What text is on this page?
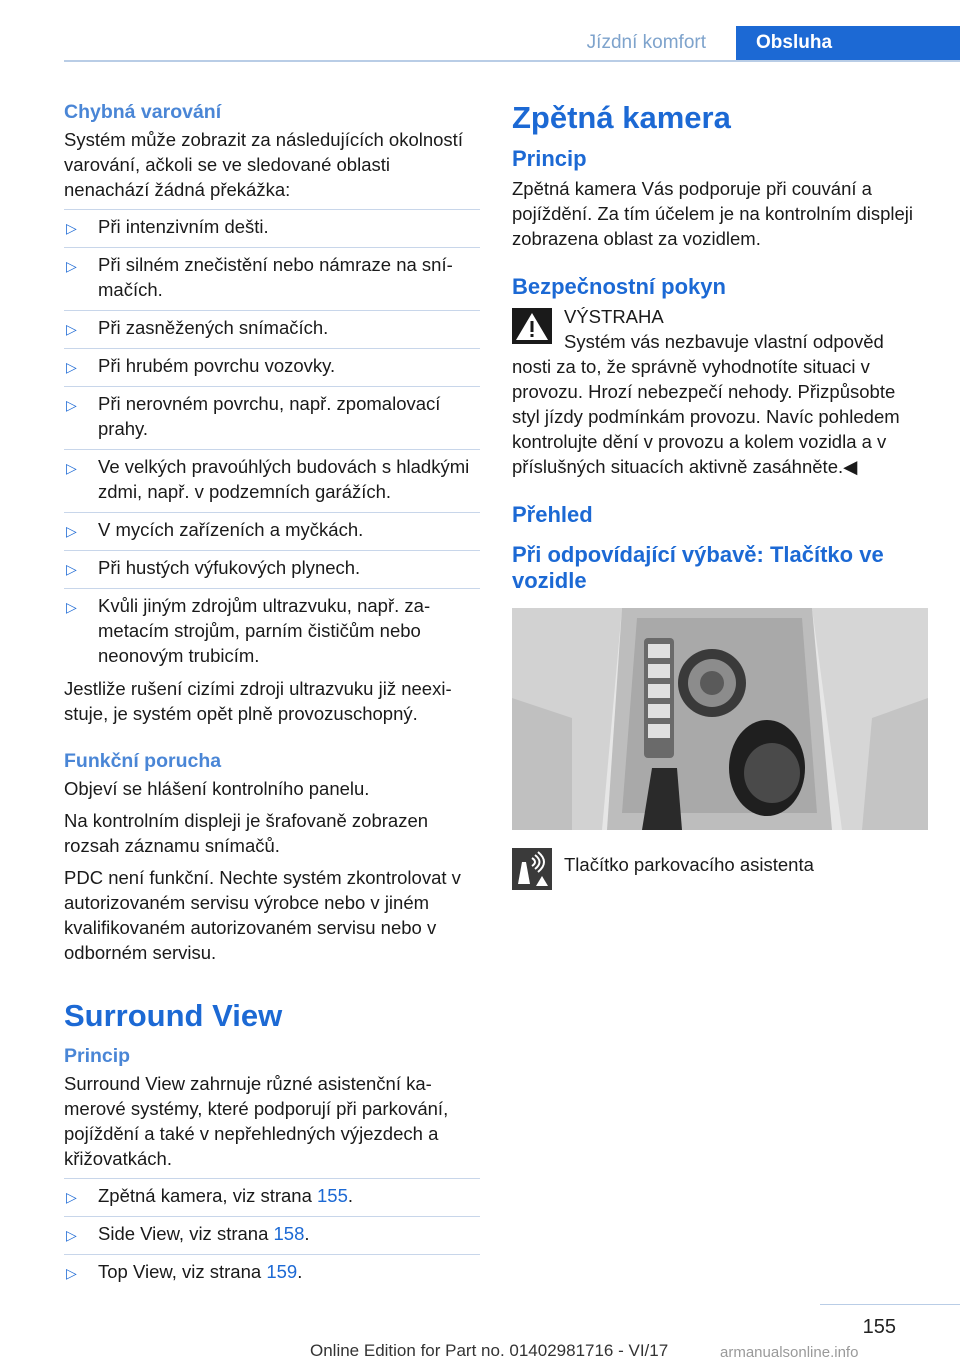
Jízdní komfort	Obsluha
Chybná varování

Systém může zobrazit za následujících okolností varování, ačkoli se ve sledované oblasti nenachází žádná překážka:

▷ Při intenzivním dešti.
▷ Při silném znečistění nebo námraze na snímačích.
▷ Při zasněžených snímačích.
▷ Při hrubém povrchu vozovky.
▷ Při nerovném povrchu, např. zpomalovací prahy.
▷ Ve velkých pravoúhlých budovách s hladkými zdmi, např. v podzemních garážích.
▷ V mycích zařízeních a myčkách.
▷ Při hustých výfukových plynech.
▷ Kvůli jiným zdrojům ultrazvuku, např. zametacím strojům, parním čističům nebo neonovým trubicím.

Jestliže rušení cizími zdroji ultrazvuku již neexistuje, je systém opět plně provozuschopný.

Funkční porucha

Objeví se hlášení kontrolního panelu.

Na kontrolním displeji je šrafovaně zobrazen rozsah záznamu snímačů.

PDC není funkční. Nechte systém zkontrolovat v autorizovaném servisu výrobce nebo v jiném kvalifikovaném autorizovaném servisu nebo v odborném servisu.

Surround View
Princip

Surround View zahrnuje různé asistenční kamerové systémy, které podporují při parkování, pojíždění a také v nepřehledných výjezdech a křižovatkách.

▷ Zpětná kamera, viz strana 155.
▷ Side View, viz strana 158.
▷ Top View, viz strana 159.
Zpětná kamera
Princip

Zpětná kamera Vás podporuje při couvání a pojíždění. Za tím účelem je na kontrolním displeji zobrazena oblast za vozidlem.

Bezpečnostní pokyn
VÝSTRAHA

Systém vás nezbavuje vlastní odpověd

nosti za to, že správně vyhodnotíte situaci v provozu. Hrozí nebezpečí nehody. Přizpůsobte styl jízdy podmínkám provozu. Navíc pohledem kontrolujte dění v provozu a kolem vozidla a v příslušných situacích aktivně zasáhněte.◀

Přehled
Při odpovídající výbavě: Tlačítko ve vozidle
Tlačítko parkovacího asistenta
155
Online Edition for Part no. 01402981716 - VI/17	armanualsonline.info
